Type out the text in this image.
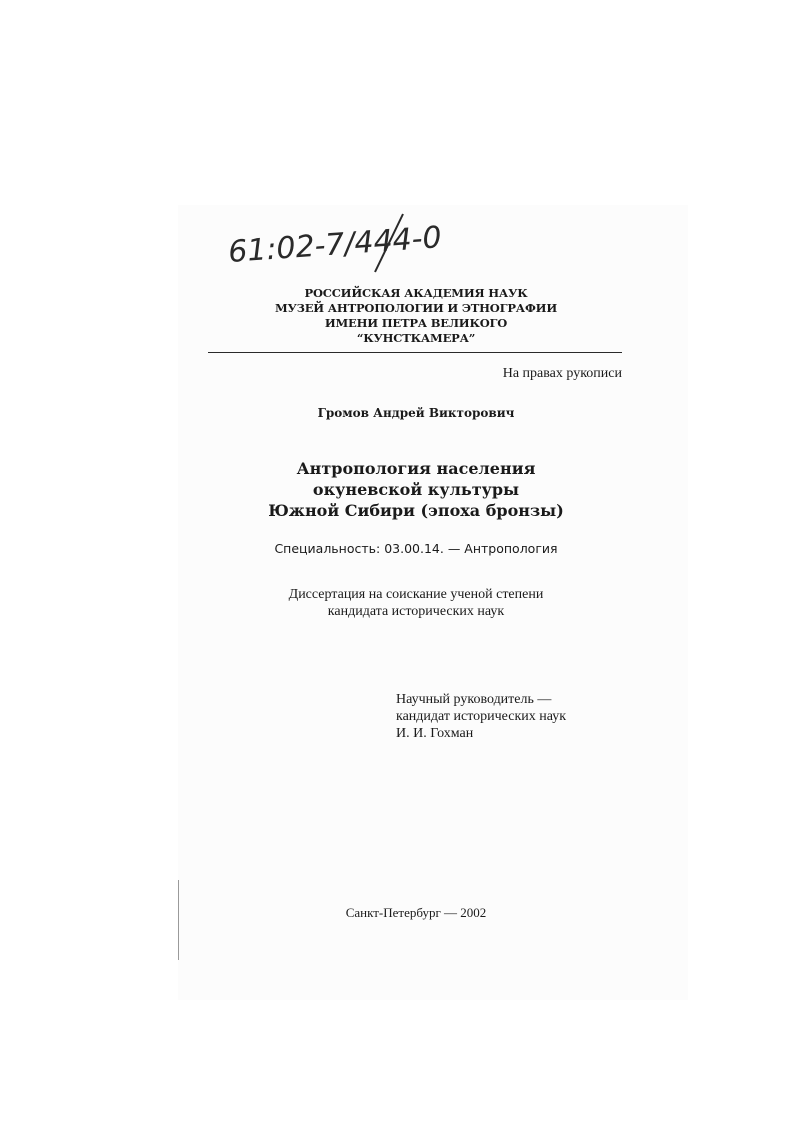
61:02-7/444-0
РОССИЙСКАЯ АКАДЕМИЯ НАУК
МУЗЕЙ АНТРОПОЛОГИИ И ЭТНОГРАФИИ
ИМЕНИ ПЕТРА ВЕЛИКОГО
“КУНСТКАМЕРА”
На правах рукописи
Громов Андрей Викторович
Антропология населения
окуневской культуры
Южной Сибири (эпоха бронзы)
Специальность: 03.00.14. — Антропология
Диссертация на соискание ученой степени
кандидата исторических наук
Научный руководитель —
кандидат исторических наук
И. И. Гохман
Санкт-Петербург — 2002
